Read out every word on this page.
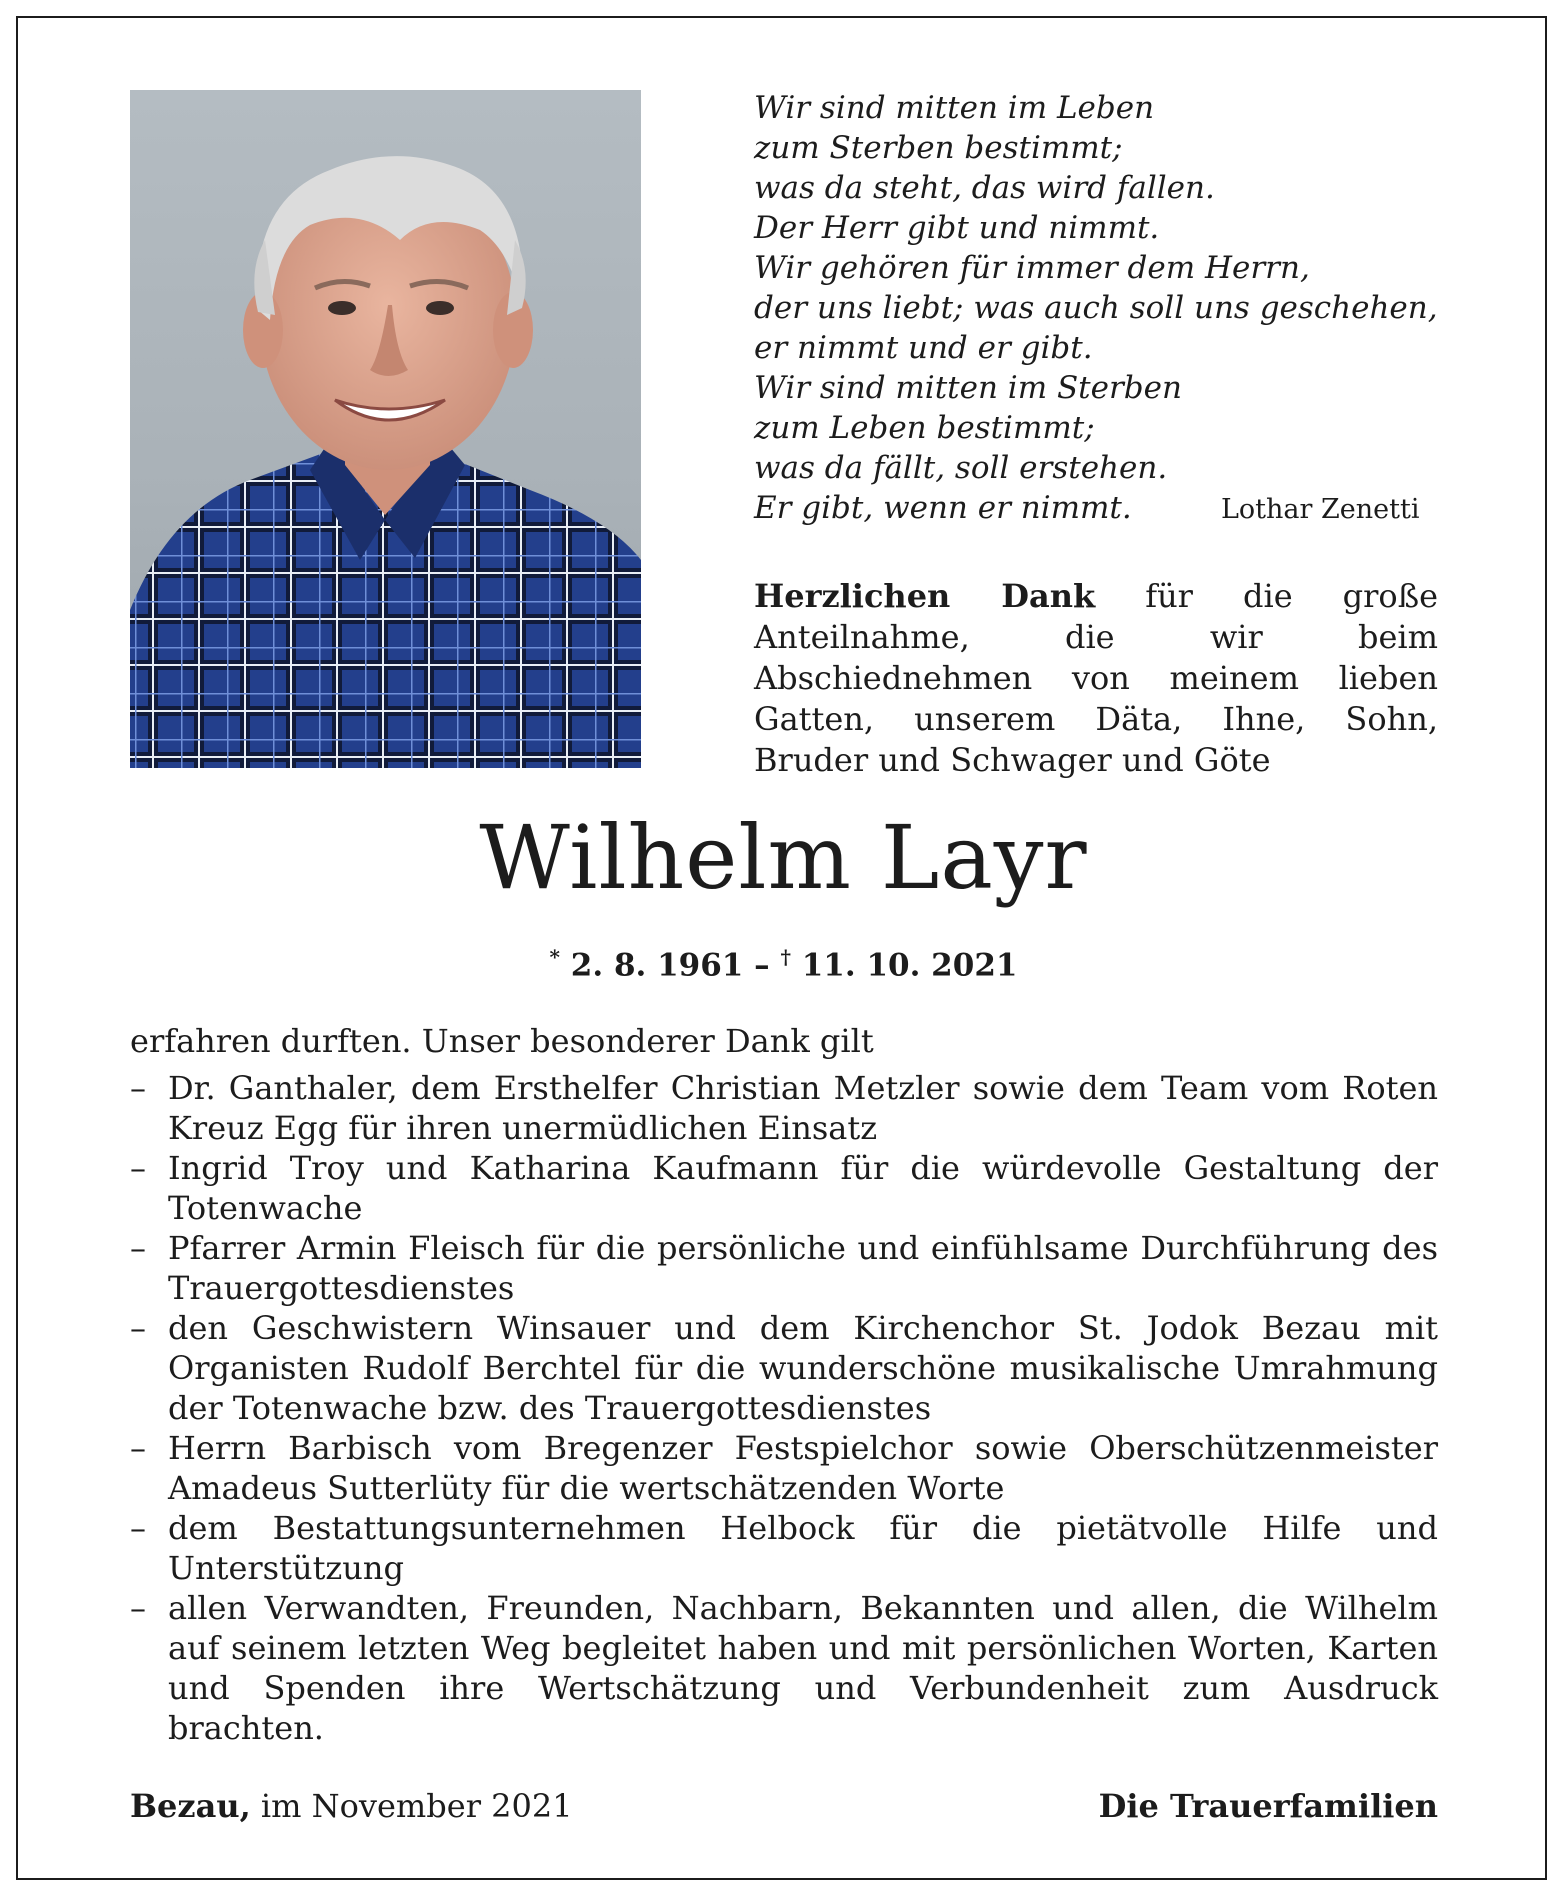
Wir sind mitten im Leben
zum Sterben bestimmt;
was da steht, das wird fallen.
Der Herr gibt und nimmt.
Wir gehören für immer dem Herrn,
der uns liebt; was auch soll uns geschehen,
er nimmt und er gibt.
Wir sind mitten im Sterben
zum Leben bestimmt;
was da fällt, soll erstehen.
Er gibt, wenn er nimmt.	Lothar Zenetti
Herzlichen Dank für die große Anteilnahme, die wir beim Abschiednehmen von meinem lieben Gatten, unserem Däta, Ihne, Sohn, Bruder und Schwager und Göte
Wilhelm Layr
* 2. 8. 1961 – † 11. 10. 2021
erfahren durften. Unser besonderer Dank gilt
– Dr. Ganthaler, dem Ersthelfer Christian Metzler sowie dem Team vom Roten Kreuz Egg für ihren unermüdlichen Einsatz
– Ingrid Troy und Katharina Kaufmann für die würdevolle Gestaltung der Totenwache
– Pfarrer Armin Fleisch für die persönliche und einfühlsame Durchführung des Trauergottesdienstes
– den Geschwistern Winsauer und dem Kirchenchor St. Jodok Bezau mit Organisten Rudolf Berchtel für die wunderschöne musikalische Umrahmung der Totenwache bzw. des Trauergottesdienstes
– Herrn Barbisch vom Bregenzer Festspielchor sowie Oberschützenmeister Amadeus Sutterlüty für die wertschätzenden Worte
– dem Bestattungsunternehmen Helbock für die pietätvolle Hilfe und Unterstützung
– allen Verwandten, Freunden, Nachbarn, Bekannten und allen, die Wilhelm auf seinem letzten Weg begleitet haben und mit persönlichen Worten, Karten und Spenden ihre Wertschätzung und Verbundenheit zum Ausdruck brachten.
Bezau, im November 2021	Die Trauerfamilien
